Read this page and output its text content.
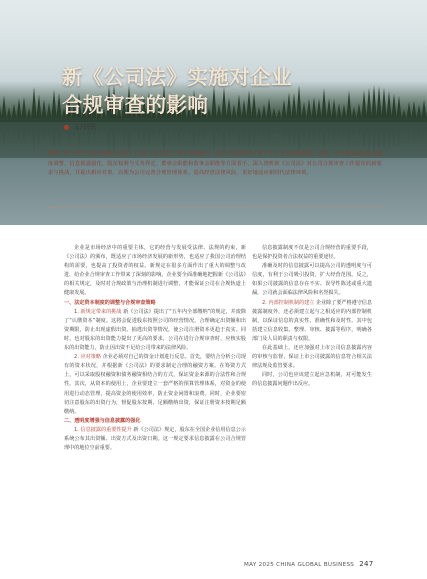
新《公司法》实施对企业
合规审查的影响
文/刘思
摘要：新《中华人民共和国公司法》（下称《公司法》）将于近期施行，对公司合规审查工作产生了多方面的影响。因此，本文探从法定资本制度调整、信息披露强化、股东权利与义务界定、董事会职能和监事会职能等方面着手，深入剖析新《公司法》对公司合规审查工作提出的新要求与挑战，并提出相应对策，以期为公司完善合规管理体系、提高经营法律风险、更好地适应新时代法律环境。

企业是市场经济中的重要主体，它的经营与发展受法律、法规的约束，新《公司法》的颁布，既适应了市场经济发展的新形势，也适应了我国公司治理结构的需要，也提高了投资者的权益。新规定在很多方面作出了重大的调整与改进，给企业合规审查工作带来了深刻的影响。企业要全面准确地把握新《公司法》的相关规定，及时对合规政策与治理机制进行调整，才能保证公司在合规轨道上健康发展。

一、法定资本制度的调整与合规审查策略

1. 新规定带来的挑战 新《公司法》提出了“五年内全部缴纳”的规定，并废除了“认缴资本”制度。这将会促进股东按照公司的经营情况，合理确定出资额和出资期限，防止出现虚假出资、抽逃出资等情况，使公司注册资本更趋于真实。同时，也对股东的出资能力提出了更高的要求，公司在进行合规审查时，应核实股东的出资能力，防止因出资不足给公司带来的法律风险。

2. 应对策略 企业必须对自己的资金计划进行反思。首先，要结合分析公司现有的资本状况，并根据新《公司法》的要求制定合理的融资方案。在筹资方式上，可以采取股权融资和债务融资相结合的方式，保证资金来源的合法性和合规性。其次，从资本的使用上，企业要建立一套严格的预算管理体系，对资金的使用进行动态管理，提高资金的使用效率，防止资金闲置和浪费。同时，企业要密切注意股东的出资行为，督促股东按期、足额缴纳出资，保证注册资本按期足额缴纳。

二、透明度增强与信息披露的强化

1. 信息披露的重要性提升 新《公司法》规定，股东在全国企业信用信息公示系统公布其出资额、出资方式及出资日期。这一规定要求信息披露在公司合规管理中的地位空前重要。

信息披露制度不仅是公司合规经营的重要手段，也是保护投资者合法权益的重要途径。

准确及时的信息披露可以提高公司的透明度与可信度，有利于公司吸引投资，扩大经营范围。反之，如果公司披露的信息存在不实、误导性陈述或重大遗漏，公司就会面临法律风险和名誉损失。

2. 内部控制机制的建立 企业除了要严格遵守信息披露制度外，还必须建立起与之相适应的内部控制机制，以保证信息的真实性、准确性和及时性。其中包括建立信息收集、整理、审核、披露等程序，明确各部门及人员的职责与权限。

在此基础上，还应加强对上市公司信息披露内容的审核与监督，保证上市公司披露的信息符合相关法律法规及监管要求。

同时，公司也应该建立起应急机制，对可能发生的信息披露问题作出反应。

MAY 2025 CHINA GLOBAL BUSINESS 247
